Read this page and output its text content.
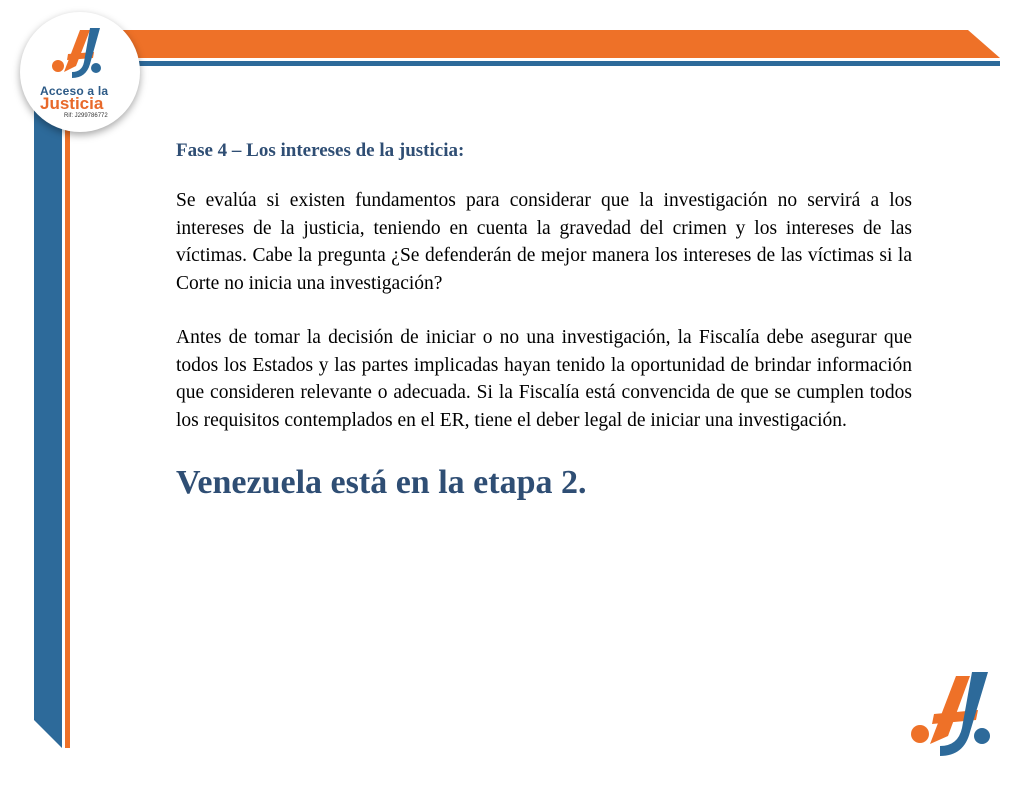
Acceso a la
Justicia
Rif: J299786772

Fase 4 – Los intereses de la justicia:

Se evalúa si existen fundamentos para considerar que la investigación no servirá a los intereses de la justicia, teniendo en cuenta la gravedad del crimen y los intereses de las víctimas. Cabe la pregunta ¿Se defenderán de mejor manera los intereses de las víctimas si la Corte no inicia una investigación?

Antes de tomar la decisión de iniciar o no una investigación, la Fiscalía debe asegurar que todos los Estados y las partes implicadas hayan tenido la oportunidad de brindar información que consideren relevante o adecuada. Si la Fiscalía está convencida de que se cumplen todos los requisitos contemplados en el ER, tiene el deber legal de iniciar una investigación.

Venezuela está en la etapa 2.
